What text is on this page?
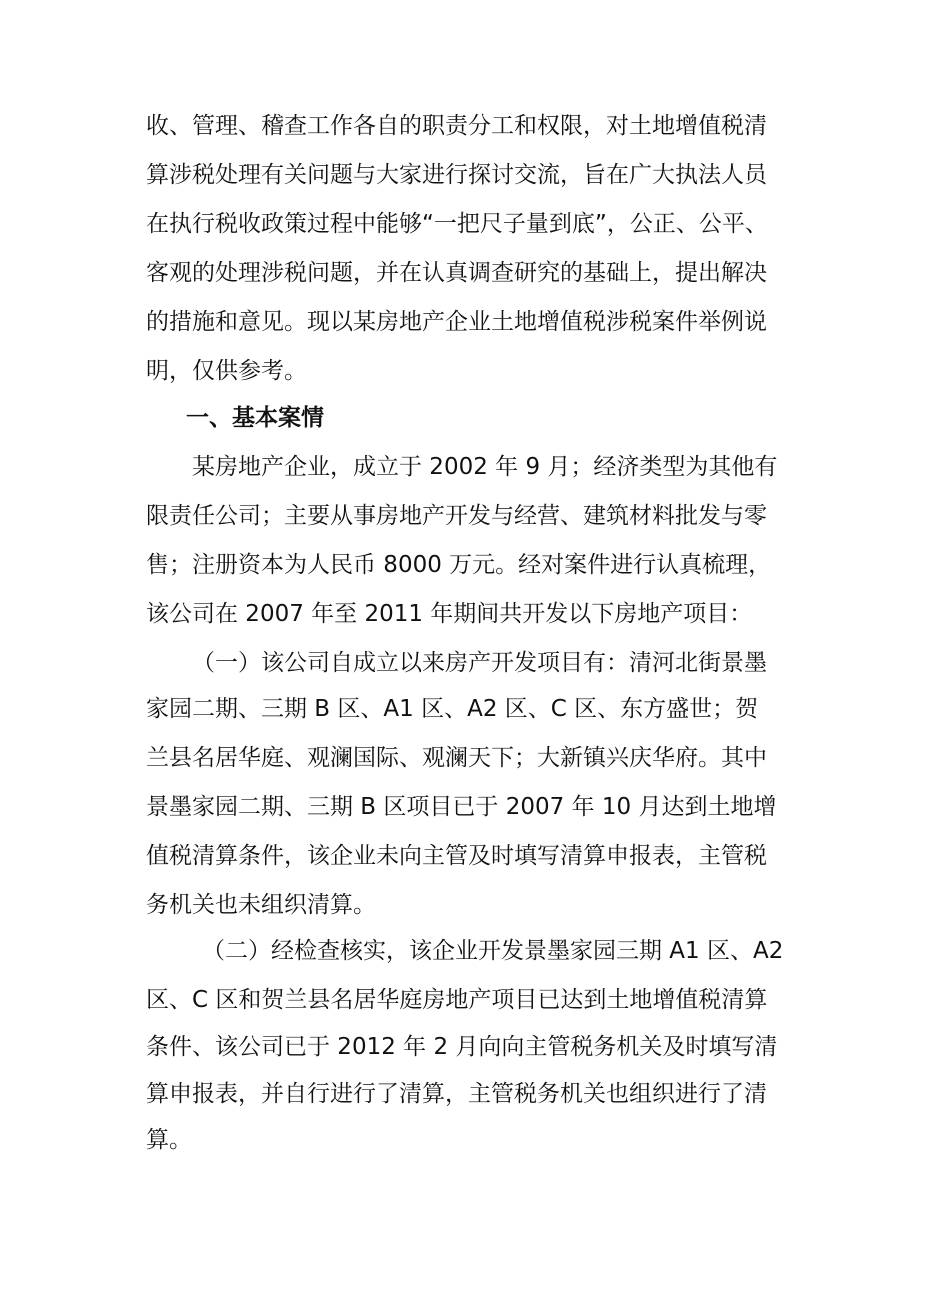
收、管理、稽查工作各自的职责分工和权限，对土地增值税清

算涉税处理有关问题与大家进行探讨交流，旨在广大执法人员

在执行税收政策过程中能够“一把尺子量到底”，公正、公平、

客观的处理涉税问题，并在认真调查研究的基础上，提出解决

的措施和意见。现以某房地产企业土地增值税涉税案件举例说

明，仅供参考。

一、基本案情

某房地产企业，成立于 2002 年 9 月；经济类型为其他有

限责任公司；主要从事房地产开发与经营、建筑材料批发与零

售；注册资本为人民币 8000 万元。经对案件进行认真梳理，

该公司在 2007 年至 2011 年期间共开发以下房地产项目：

（一）该公司自成立以来房产开发项目有：清河北街景墨

家园二期、三期 B 区、A1 区、A2 区、C 区、东方盛世；贺

兰县名居华庭、观澜国际、观澜天下；大新镇兴庆华府。其中

景墨家园二期、三期 B 区项目已于 2007 年 10 月达到土地增

值税清算条件，该企业未向主管及时填写清算申报表，主管税

务机关也未组织清算。

（二）经检查核实，该企业开发景墨家园三期 A1 区、A2

区、C 区和贺兰县名居华庭房地产项目已达到土地增值税清算

条件、该公司已于 2012 年 2 月向向主管税务机关及时填写清

算申报表，并自行进行了清算，主管税务机关也组织进行了清

算。
